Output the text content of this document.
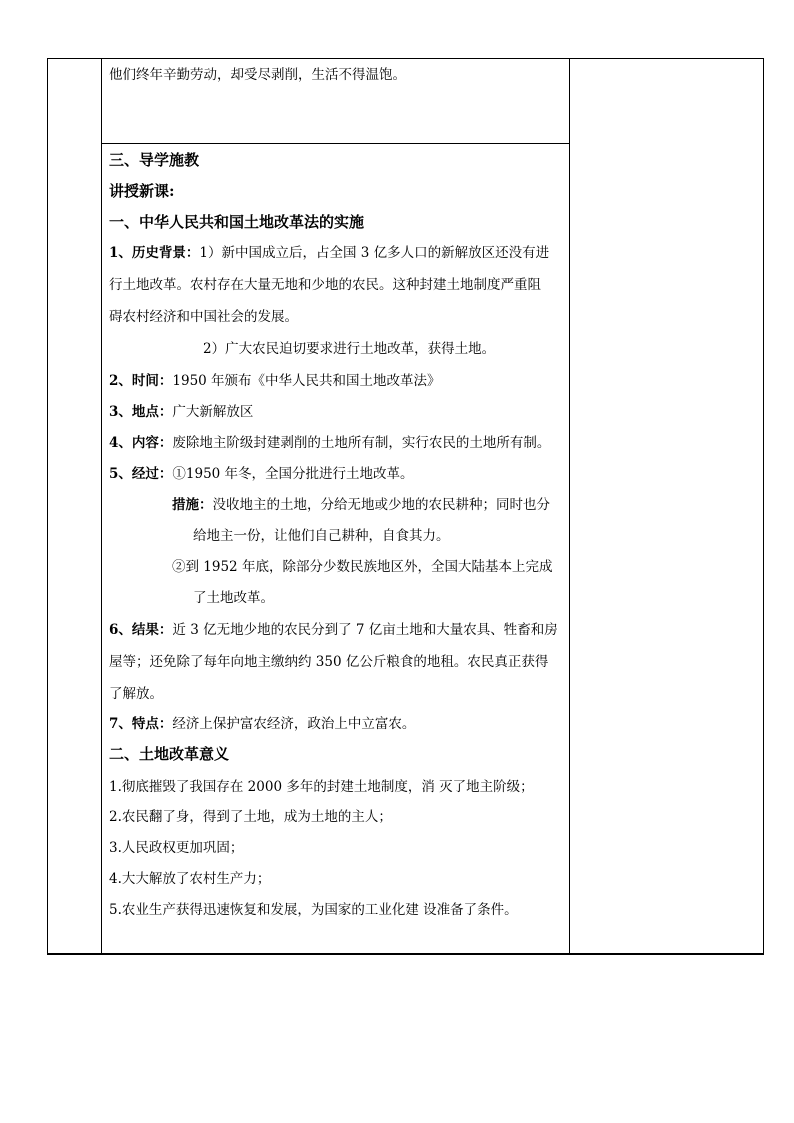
他们终年辛勤劳动，却受尽剥削，生活不得温饱。
三、导学施教
讲授新课:
一、中华人民共和国土地改革法的实施
1、历史背景：1）新中国成立后，占全国 3 亿多人口的新解放区还没有进
行土地改革。农村存在大量无地和少地的农民。这种封建土地制度严重阻
碍农村经济和中国社会的发展。
2）广大农民迫切要求进行土地改革，获得土地。
2、时间：1950 年颁布《中华人民共和国土地改革法》
3、地点：广大新解放区
4、内容：废除地主阶级封建剥削的土地所有制，实行农民的土地所有制。
5、经过：①1950 年冬，全国分批进行土地改革。
措施：没收地主的土地，分给无地或少地的农民耕种；同时也分
给地主一份，让他们自己耕种，自食其力。
②到 1952 年底，除部分少数民族地区外，全国大陆基本上完成
了土地改革。
6、结果：近 3 亿无地少地的农民分到了 7 亿亩土地和大量农具、牲畜和房
屋等；还免除了每年向地主缴纳约 350 亿公斤粮食的地租。农民真正获得
了解放。
7、特点：经济上保护富农经济，政治上中立富农。
二、土地改革意义
1.彻底摧毁了我国存在 2000 多年的封建土地制度，消 灭了地主阶级；
2.农民翻了身，得到了土地，成为土地的主人；
3.人民政权更加巩固；
4.大大解放了农村生产力；
5.农业生产获得迅速恢复和发展，为国家的工业化建 设准备了条件。
